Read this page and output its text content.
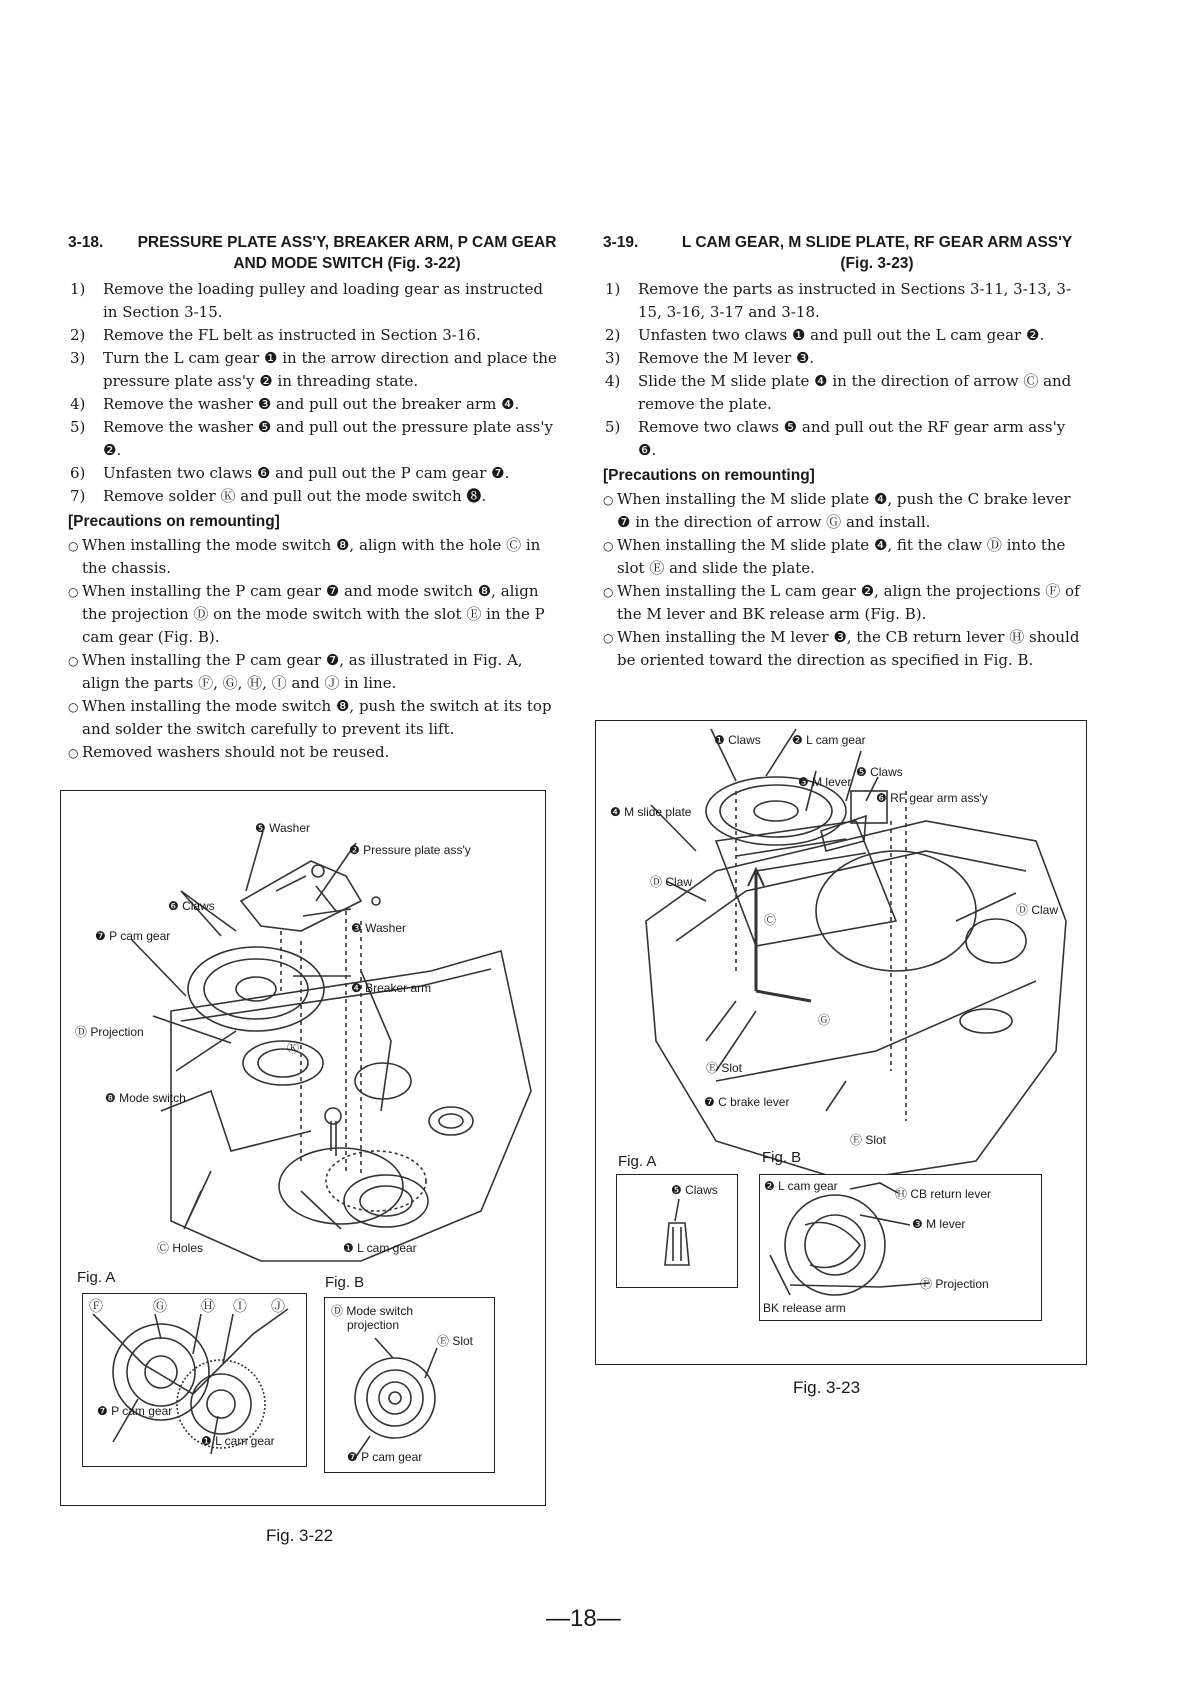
3-18.	PRESSURE PLATE ASS'Y, BREAKER ARM, P CAM GEAR AND MODE SWITCH (Fig. 3-22)
1)	Remove the loading pulley and loading gear as instructed in Section 3-15.
2)	Remove the FL belt as instructed in Section 3-16.
3)	Turn the L cam gear ❶ in the arrow direction and place the pressure plate ass'y ❷ in threading state.
4)	Remove the washer ❸ and pull out the breaker arm ❹.
5)	Remove the washer ❺ and pull out the pressure plate ass'y ❷.
6)	Unfasten two claws ❻ and pull out the P cam gear ❼.
7)	Remove solder Ⓚ and pull out the mode switch ❽.
[Precautions on remounting]
○ When installing the mode switch ❽, align with the hole Ⓒ in the chassis.
○ When installing the P cam gear ❼ and mode switch ❽, align the projection Ⓓ on the mode switch with the slot Ⓔ in the P cam gear (Fig. B).
○ When installing the P cam gear ❼, as illustrated in Fig. A, align the parts Ⓕ, Ⓖ, Ⓗ, Ⓘ and Ⓙ in line.
○ When installing the mode switch ❽, push the switch at its top and solder the switch carefully to prevent its lift.
○ Removed washers should not be reused.
3-19.	L CAM GEAR, M SLIDE PLATE, RF GEAR ARM ASS'Y (Fig. 3-23)
1)	Remove the parts as instructed in Sections 3-11, 3-13, 3-15, 3-16, 3-17 and 3-18.
2)	Unfasten two claws ❶ and pull out the L cam gear ❷.
3)	Remove the M lever ❸.
4)	Slide the M slide plate ❹ in the direction of arrow Ⓒ and remove the plate.
5)	Remove two claws ❺ and pull out the RF gear arm ass'y ❻.
[Precautions on remounting]
○ When installing the M slide plate ❹, push the C brake lever ❼ in the direction of arrow Ⓖ and install.
○ When installing the M slide plate ❹, fit the claw Ⓓ into the slot Ⓔ and slide the plate.
○ When installing the L cam gear ❷, align the projections Ⓕ of the M lever and BK release arm (Fig. B).
○ When installing the M lever ❸, the CB return lever Ⓗ should be oriented toward the direction as specified in Fig. B.
❺ Washer
❷ Pressure plate ass'y
❻ Claws
❸ Washer
❼ P cam gear
❹ Breaker arm
Ⓓ Projection
Ⓚ
❽ Mode switch
Ⓒ Holes	❶ L cam gear
Fig. A	Fig. B
Ⓕ	Ⓖ Ⓗ Ⓘ Ⓙ
❼ P cam gear
❶ L cam gear
Ⓓ Mode switch
projection
Ⓔ Slot
❼ P cam gear
Fig. 3-22
❶ Claws	❷ L cam gear
❸ M lever
❺ Claws
❻ RF gear arm ass'y
❹ M slide plate
Ⓓ Claw
Ⓓ Claw
Ⓒ
Ⓖ
Ⓔ Slot
❼ C brake lever
Ⓔ Slot
Fig. A	Fig. B
❺ Claws	❷ L cam gear
Ⓗ CB return lever
❸ M lever
Ⓕ Projection
BK release arm
Fig. 3-23
—18—
